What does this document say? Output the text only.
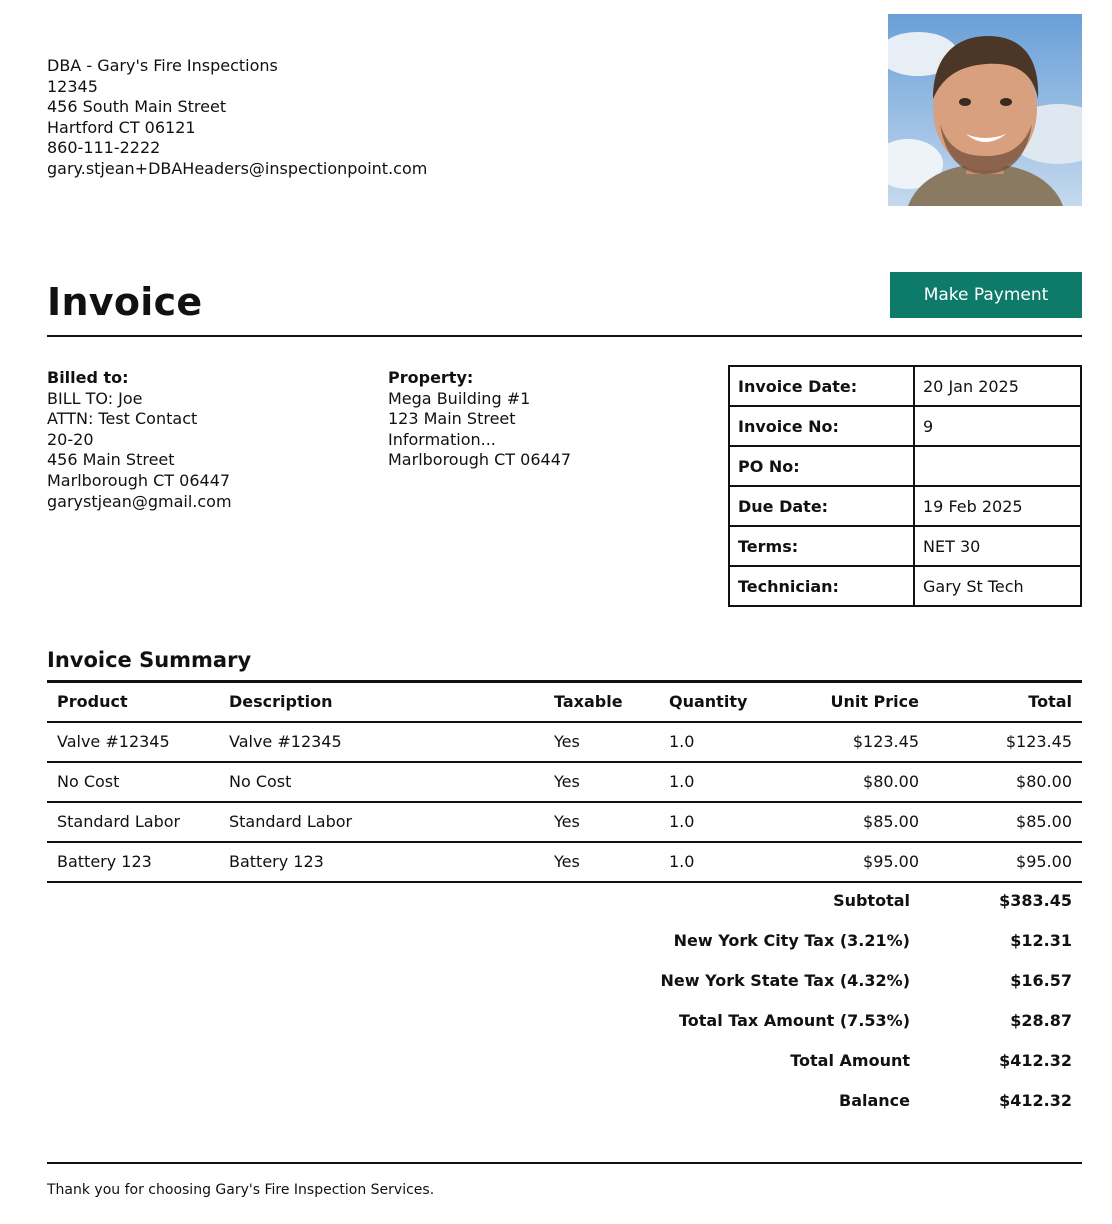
DBA - Gary's Fire Inspections
12345
456 South Main Street
Hartford CT 06121
860-111-2222
gary.stjean+DBAHeaders@inspectionpoint.com
Invoice	Make Payment
Billed to:
BILL TO: Joe
ATTN: Test Contact
20-20
456 Main Street
Marlborough CT 06447
garystjean@gmail.com
Property:
Mega Building #1
123 Main Street
Information...
Marlborough CT 06447
Invoice Date:	20 Jan 2025
Invoice No:	9
PO No:	
Due Date:	19 Feb 2025
Terms:	NET 30
Technician:	Gary St Tech
Invoice Summary
Product	Description	Taxable	Quantity	Unit Price	Total
Valve #12345	Valve #12345	Yes	1.0	$123.45	$123.45
No Cost	No Cost	Yes	1.0	$80.00	$80.00
Standard Labor	Standard Labor	Yes	1.0	$85.00	$85.00
Battery 123	Battery 123	Yes	1.0	$95.00	$95.00
Subtotal	$383.45
New York City Tax (3.21%)	$12.31
New York State Tax (4.32%)	$16.57
Total Tax Amount (7.53%)	$28.87
Total Amount	$412.32
Balance	$412.32
Thank you for choosing Gary's Fire Inspection Services.
